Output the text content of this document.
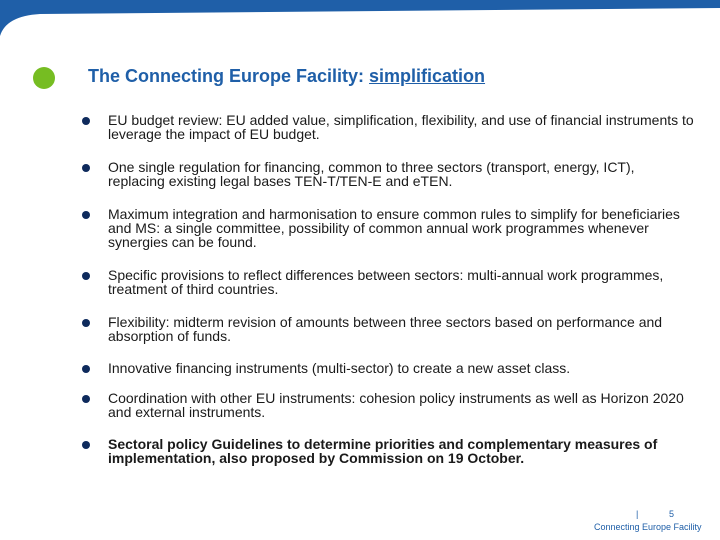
The Connecting Europe Facility: simplification
EU budget review: EU added value, simplification, flexibility, and use of financial instruments to leverage the impact of EU budget.
One single regulation for financing, common to three sectors (transport, energy, ICT), replacing existing legal bases TEN-T/TEN-E and eTEN.
Maximum integration and harmonisation to ensure common rules to simplify for beneficiaries and MS: a single committee, possibility of common annual work programmes whenever synergies can be found.
Specific provisions to reflect differences between sectors: multi-annual work programmes, treatment of third countries.
Flexibility: midterm revision of amounts between three sectors based on performance and absorption of funds.
Innovative financing instruments (multi-sector) to create a new asset class.
Coordination with other EU instruments: cohesion policy instruments as well as Horizon 2020 and external instruments.
Sectoral policy Guidelines to determine priorities and complementary measures of implementation, also proposed by Commission on 19 October.
|	5
Connecting Europe Facility
